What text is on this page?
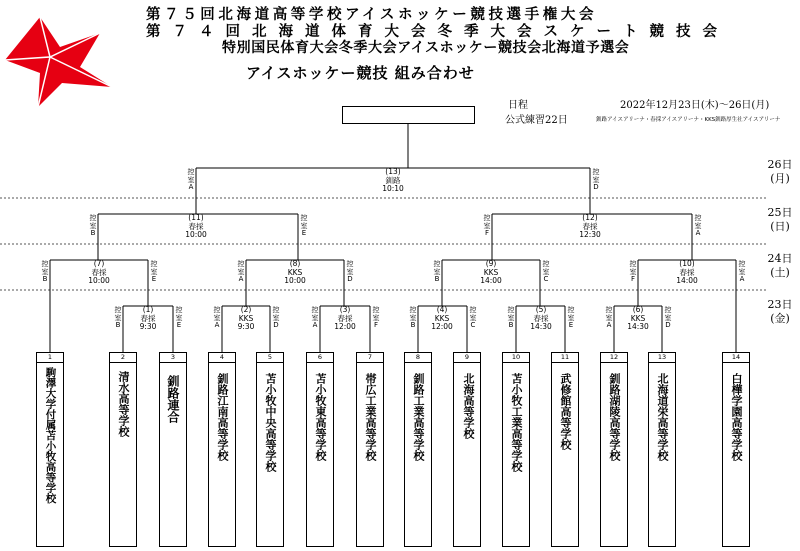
第７５回北海道高等学校アイスホッケー競技選手権大会
第７４回北海道体育大会冬季大会スケート競技会
特別国民体育大会冬季大会アイスホッケー競技会北海道予選会
アイスホッケー競技 組み合わせ
日程	2022年12月23日(木)～26日(月)
公式練習22日	釧路アイスアリーナ・春採アイスアリーナ・KKS釧路厚生社アイスアリーナ
26日
(月)
25日
(日)
24日
(土)
23日
(金)
(13)
釧路
10:10
(11)
春採
10:00
(12)
春採
12:30
(7)
春採
10:00
(8)
KKS
10:00
(9)
KKS
14:00
(10)
春採
14:00
(1)
春採
9:30
(2)
KKS
9:30
(3)
春採
12:00
(4)
KKS
12:00
(5)
春採
14:30
(6)
KKS
14:30
控
室
A
控
室
D
控
室
B
控
室
E
控
室
F
控
室
A
控
室
B
控
室
E
控
室
A
控
室
D
控
室
B
控
室
C
控
室
F
控
室
A
控
室
B
控
室
E
控
室
A
控
室
D
控
室
A
控
室
F
控
室
B
控
室
C
控
室
B
控
室
E
控
室
A
控
室
D
1
駒澤大学付属苫小牧高等学校
2
清水高等学校
3
釧路連合
4
釧路江南高等学校
5
苫小牧中央高等学校
6
苫小牧東高等学校
7
帯広工業高等学校
8
釧路工業高等学校
9
北海高等学校
10
苫小牧工業高等学校
11
武修館高等学校
12
釧路湖陵高等学校
13
北海道栄高等学校
14
白樺学園高等学校
